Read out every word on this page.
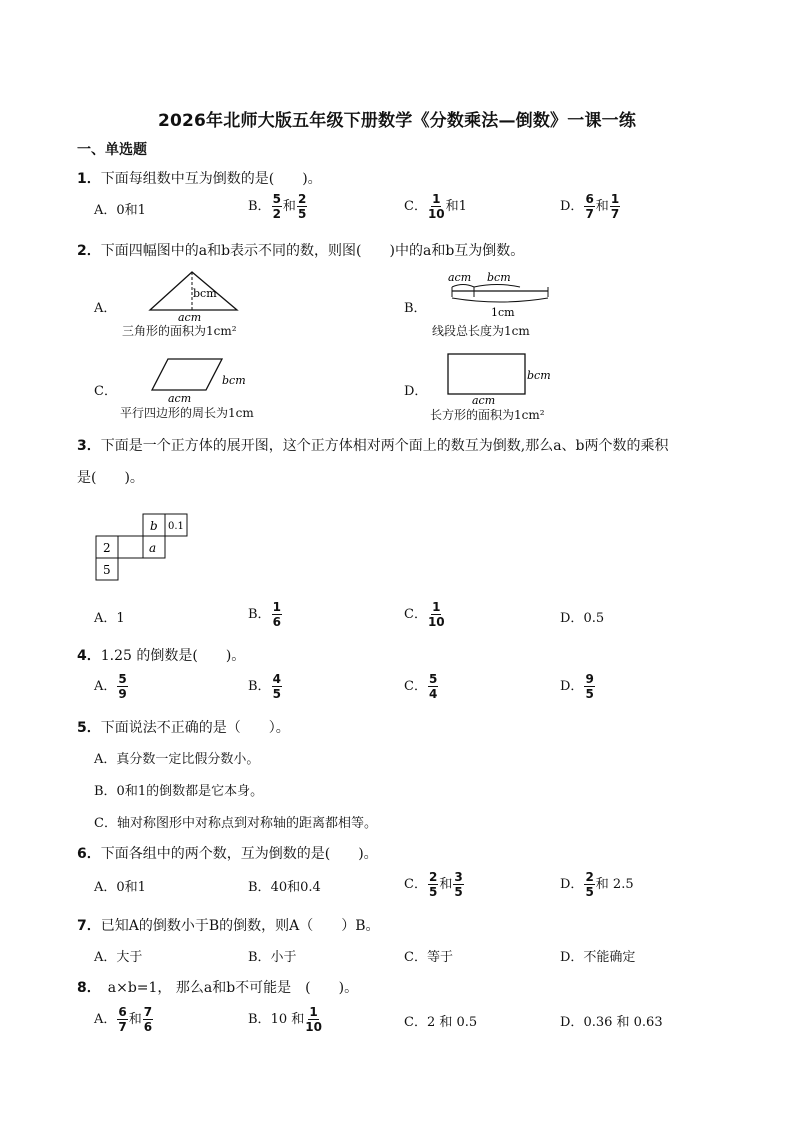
2026年北师大版五年级下册数学《分数乘法—倒数》一课一练
一、单选题
1．下面每组数中互为倒数的是(　　)。
A．0和1	B． $\frac{5}{2}$ 和 $\frac{2}{5}$	C． $\frac{1}{10}$ 和1	D． $\frac{6}{7}$ 和 $\frac{1}{7}$
2．下面四幅图中的a和b表示不同的数，则图(　　)中的a和b互为倒数。
A．
bcm
acm
三角形的面积为1cm²
B．
acm bcm
1cm
线段总长度为1cm
C．
bcm
acm
平行四边形的周长为1cm
D．
bcm
acm
长方形的面积为1cm²
3．下面是一个正方体的展开图，这个正方体相对两个面上的数互为倒数,那么a、b两个数的乘积
是(　　)。
b 0.1
2	a
5
A．1	B． $\frac{1}{6}$	C． $\frac{1}{10}$	D．0.5
4．1.25 的倒数是(　　)。
A． $\frac{5}{9}$	B． $\frac{4}{5}$	C． $\frac{5}{4}$	D． $\frac{9}{5}$
5．下面说法不正确的是（　　）。
A．真分数一定比假分数小。
B．0和1的倒数都是它本身。
C．轴对称图形中对称点到对称轴的距离都相等。
6．下面各组中的两个数，互为倒数的是(　　)。
A．0和1	B．40和0.4	C． $\frac{2}{5}$ 和 $\frac{3}{5}$	D． $\frac{2}{5}$ 和 2.5
7．已知A的倒数小于B的倒数，则A（　　）B。
A．大于	B．小于	C．等于	D．不能确定
8．　a×b=1， 那么a和b不可能是　(　　)。
A． $\frac{6}{7}$ 和 $\frac{7}{6}$	B．10 和 $\frac{1}{10}$	C．2 和 0.5	D．0.36 和 0.63
